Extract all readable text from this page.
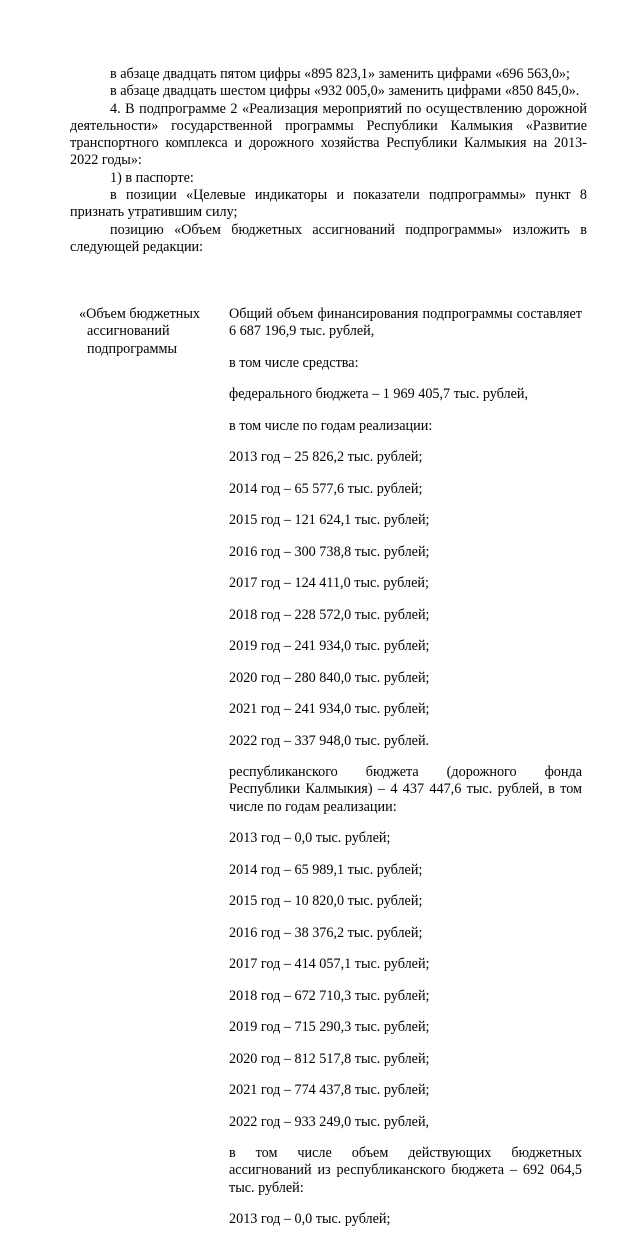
в абзаце двадцать пятом цифры «895 823,1» заменить цифрами «696 563,0»;

в абзаце двадцать шестом цифры «932 005,0» заменить цифрами «850 845,0».

4. В подпрограмме 2 «Реализация мероприятий по осуществлению дорожной деятельности» государственной программы Республики Калмыкия «Развитие транспортного комплекса и дорожного хозяйства Республики Калмыкия на 2013-2022 годы»:

1) в паспорте:

в позиции «Целевые индикаторы и показатели подпрограммы» пункт 8 признать утратившим силу;

позицию «Объем бюджетных ассигнований подпрограммы» изложить в следующей редакции:

«Объем бюджетных

ассигнований

подпрограммы

Общий объем финансирования подпрограммы составляет 6 687 196,9 тыс. рублей,

в том числе средства:

федерального бюджета – 1 969 405,7 тыс. рублей,

в том числе по годам реализации:

2013 год – 25 826,2 тыс. рублей;

2014 год – 65 577,6 тыс. рублей;

2015 год – 121 624,1 тыс. рублей;

2016 год – 300 738,8 тыс. рублей;

2017 год – 124 411,0 тыс. рублей;

2018 год – 228 572,0 тыс. рублей;

2019 год – 241 934,0 тыс. рублей;

2020 год – 280 840,0 тыс. рублей;

2021 год – 241 934,0 тыс. рублей;

2022 год – 337 948,0 тыс. рублей.

республиканского бюджета (дорожного фонда Республики Калмыкия) – 4 437 447,6 тыс. рублей, в том числе по годам реализации:

2013 год – 0,0 тыс. рублей;

2014 год – 65 989,1 тыс. рублей;

2015 год – 10 820,0 тыс. рублей;

2016 год – 38 376,2 тыс. рублей;

2017 год – 414 057,1 тыс. рублей;

2018 год – 672 710,3 тыс. рублей;

2019 год – 715 290,3 тыс. рублей;

2020 год – 812 517,8 тыс. рублей;

2021 год – 774 437,8 тыс. рублей;

2022 год – 933 249,0 тыс. рублей,

в том числе объем действующих бюджетных ассигнований из республиканского бюджета – 692 064,5 тыс. рублей:

2013 год – 0,0 тыс. рублей;
